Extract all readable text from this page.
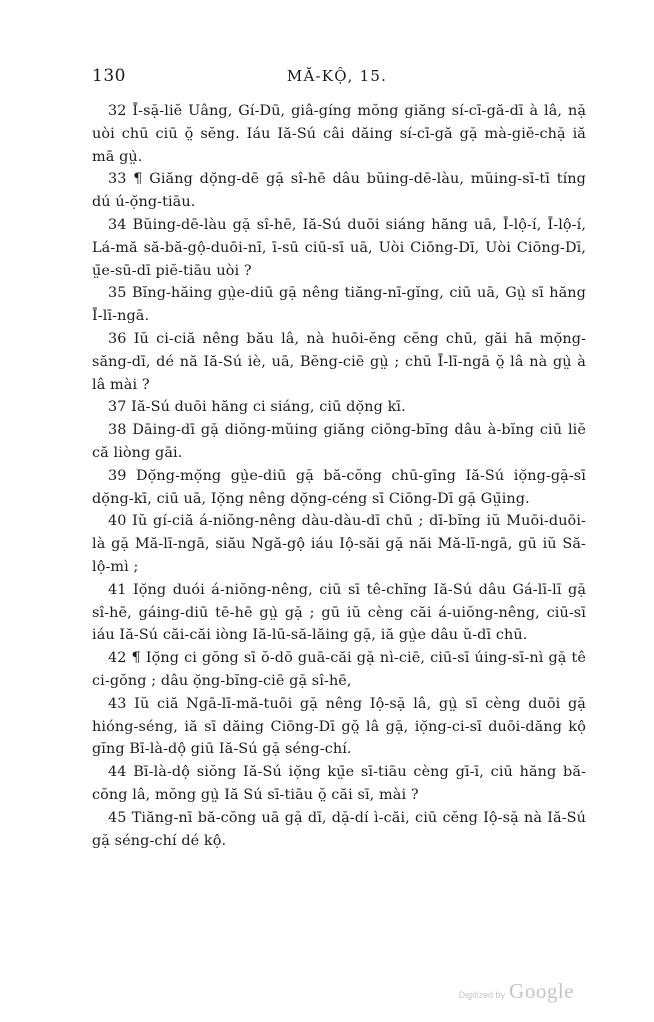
130	MĂ-KỘ, 15.

32 Ī-sặ-liĕ Uâng, Gí-Dū, giâ-gíng mŏng giăng sí-cī-gă-dī à lâ, nặ uòi chū ciū ŏ̤ sĕng. Iáu Iă-Sú câi dăing sí-cī-gă gặ mà-giĕ-chặ iă mā gṳ̀.

33 ¶ Giăng dọ̆ng-dē gặ sî-hē dâu bŭing-dē-làu, mŭing-sī-tī tíng dú ú-ọ̆ng-tiāu.

34 Bŭing-dē-làu gặ sî-hē, Iă-Sú duōi siáng hăng uā, Ī-lộ-í, Ī-lộ-í, Lá-mă să-bă-gộ-duōi-nī, ī-sū ciū-sī uā, Uòi Ciōng-Dī, Uòi Ciōng-Dī, ṳ̄e-sū-dī piĕ-tiāu uòi ?

35 Bĭng-hăing gṳ̀e-diū gặ nêng tiăng-nī-gĭng, ciū uā, Gṳ̀ sī hăng Ī-lī-ngā.

36 Iŭ ci-ciă nêng bău lâ, nà huōi-ĕng cĕng chū, găi hā mọ̆ng-săng-dī, dé nă Iă-Sú iè, uā, Bĕng-ciē gṳ̀ ; chū Ī-lī-ngā ŏ̤ lâ nà gṳ̀ à lâ mài ?

37 Iă-Sú duōi hăng ci siáng, ciū dọ̆ng kī.

38 Dāing-dī gặ diŏng-mŭing giăng ciōng-bĭng dâu à-bĭng ciū liĕ că liòng gāi.

39 Dọ̆ng-mọ̆ng gṳ̀e-diū gặ bă-cŏng chū-gīng Iă-Sú iọ̆ng-gặ-sī dọ̆ng-kī, ciū uā, Iọ̆ng nêng dọ̆ng-céng sī Ciōng-Dī gặ Gṳ̄ing.

40 Iŭ gí-ciă á-niŏng-nêng dàu-dàu-dī chū ; dī-bĭng iŭ Muōi-duōi-là gặ Mă-lī-ngā, siău Ngă-gộ iáu Iộ-săi gặ năi Mă-lī-ngā, gū iŭ Să-lộ-mì ;

41 Iọ̆ng duói á-niŏng-nêng, ciū sī tê-chĭng Iă-Sú dâu Gá-lī-lī gặ sî-hē, gáing-diū tē-hē gṳ̀ gặ ; gū iŭ cèng căi á-uiŏng-nêng, ciū-sī iáu Iă-Sú căi-căi iòng Iă-lū-să-lăing gặ, iă gṳ̀e dâu ŭ-dī chū.

42 ¶ Iọ̆ng ci gŏng sī ŏ-dŏ guā-căi gặ nì-ciē, ciū-sī úing-sī-nì gặ tê ci-gŏng ; dâu ọ̆ng-bĭng-ciē gặ sî-hē,

43 Iŭ ciă Ngā-lī-mă-tuōi gặ nêng Iộ-sặ lâ, gṳ̀ sī cèng duōi gặ hióng-séng, iă sī dăing Ciōng-Dī gŏ̤ lâ gặ, iọ̆ng-ci-sī duōi-dăng kộ gĭng Bī-là-dộ giū Iă-Sú gặ séng-chí.

44 Bī-là-dộ siŏng Iă-Sú iọ̆ng kṳ̄e sī-tiāu cèng gī-ī, ciū hăng bă-cŏng lâ, mŏng gṳ̀ Iă Sú sī-tiāu ŏ̤ căi sī, mài ?

45 Tiăng-nī bă-cŏng uā gặ dī, dặ-dí ì-căi, ciū cĕng Iộ-sặ nà Iă-Sú gặ séng-chí dé kộ.

Digitized by Google
